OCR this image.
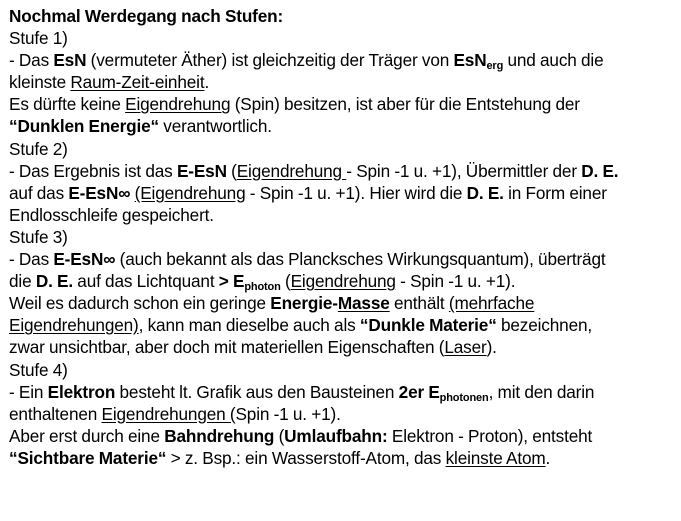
Nochmal Werdegang nach Stufen:
Stufe 1)
- Das EsN (vermuteter Äther) ist gleichzeitig der Träger von EsN$_{erg}$ und auch die
kleinste Raum-Zeit-einheit.
Es dürfte keine Eigendrehung (Spin) besitzen, ist aber für die Entstehung der
“Dunklen Energie“ verantwortlich.
Stufe 2)
- Das Ergebnis ist das E-EsN (Eigendrehung - Spin -1 u. +1), Übermittler der D. E.
auf das E-EsN∞ (Eigendrehung - Spin -1 u. +1). Hier wird die D. E. in Form einer
Endlosschleife gespeichert.
Stufe 3)
- Das E-EsN∞ (auch bekannt als das Plancksches Wirkungsquantum), überträgt
die D. E. auf das Lichtquant > $E_{photon}$ (Eigendrehung - Spin -1 u. +1).
Weil es dadurch schon ein geringe Energie-Masse enthält (mehrfache
Eigendrehungen), kann man dieselbe auch als “Dunkle Materie“ bezeichnen,
zwar unsichtbar, aber doch mit materiellen Eigenschaften (Laser).
Stufe 4)
- Ein Elektron besteht lt. Grafik aus den Bausteinen 2er $E_{photonen}$, mit den darin
enthaltenen Eigendrehungen (Spin -1 u. +1).
Aber erst durch eine Bahndrehung (Umlaufbahn: Elektron - Proton), entsteht
“Sichtbare Materie“ > z. Bsp.: ein Wasserstoff-Atom, das kleinste Atom.
